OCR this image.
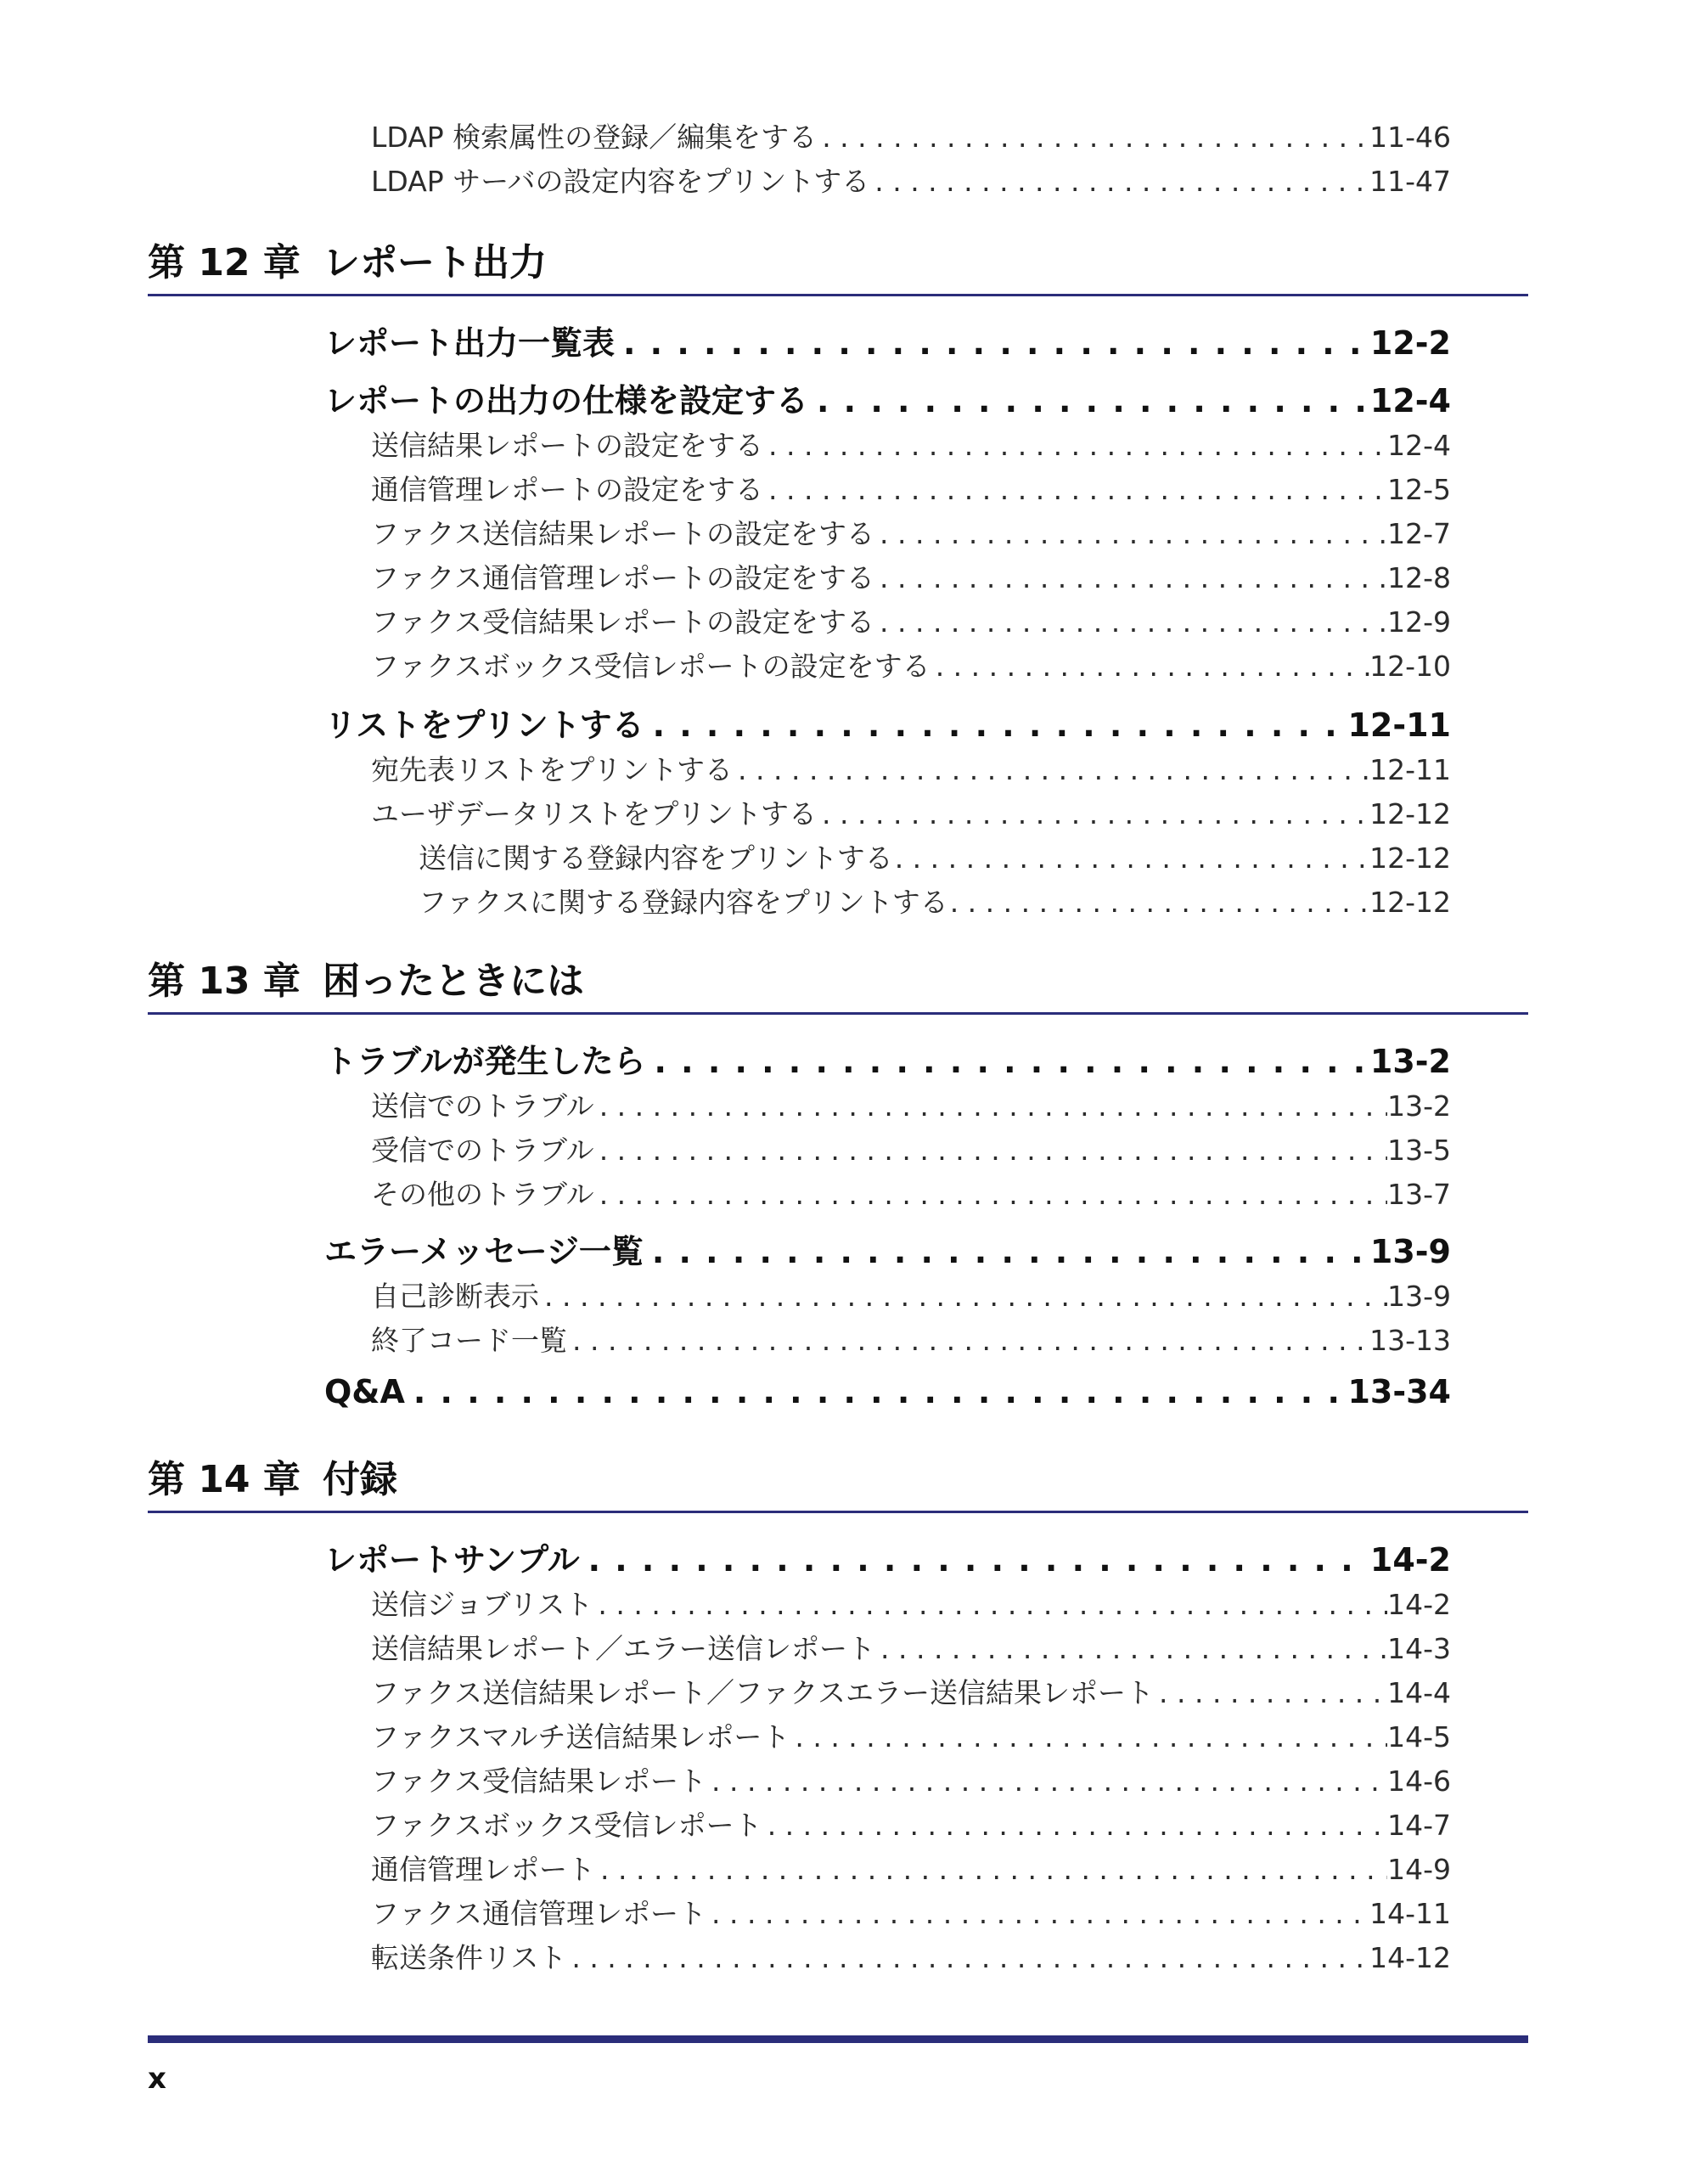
LDAP 検索属性の登録／編集をする . . .	11-46
LDAP サーバの設定内容をプリントする . . .	11-47
第 12 章 レポート出力
レポート出力一覧表 . . .	12-2
レポートの出力の仕様を設定する . . .	12-4
送信結果レポートの設定をする . . .	12-4
通信管理レポートの設定をする . . .	12-5
ファクス送信結果レポートの設定をする . . .	12-7
ファクス通信管理レポートの設定をする . . .	12-8
ファクス受信結果レポートの設定をする . . .	12-9
ファクスボックス受信レポートの設定をする . . .	12-10
リストをプリントする . . .	12-11
宛先表リストをプリントする . . .	12-11
ユーザデータリストをプリントする . . .	12-12
送信に関する登録内容をプリントする . . .	12-12
ファクスに関する登録内容をプリントする . . .	12-12
第 13 章 困ったときには
トラブルが発生したら . . .	13-2
送信でのトラブル . . .	13-2
受信でのトラブル . . .	13-5
その他のトラブル . . .	13-7
エラーメッセージ一覧 . . .	13-9
自己診断表示 . . .	13-9
終了コード一覧 . . .	13-13
Q&A . . .	13-34
第 14 章 付録
レポートサンプル . . .	14-2
送信ジョブリスト . . .	14-2
送信結果レポート／エラー送信レポート . . .	14-3
ファクス送信結果レポート／ファクスエラー送信結果レポート . . .	14-4
ファクスマルチ送信結果レポート . . .	14-5
ファクス受信結果レポート . . .	14-6
ファクスボックス受信レポート . . .	14-7
通信管理レポート . . .	14-9
ファクス通信管理レポート . . .	14-11
転送条件リスト . . .	14-12
x
